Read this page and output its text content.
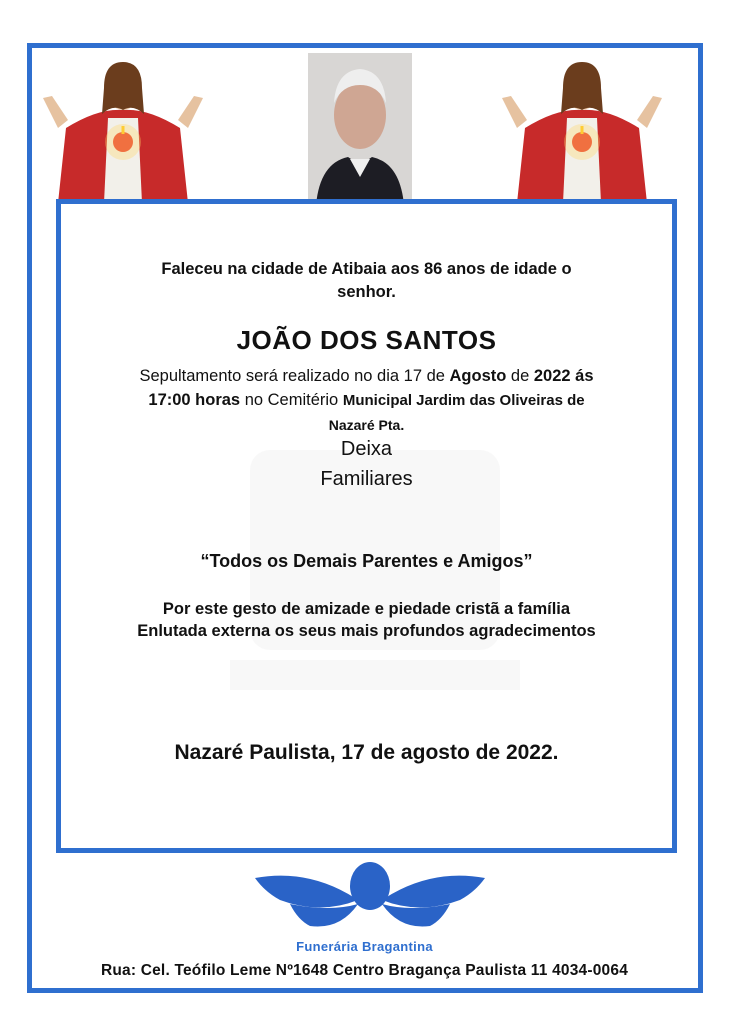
Faleceu na cidade de Atibaia aos 86 anos de idade o
senhor.
JOÃO DOS SANTOS
Sepultamento será realizado no dia 17 de Agosto de 2022 ás
17:00 horas no Cemitério Municipal Jardim das Oliveiras de
Nazaré Pta.
Deixa
Familiares
“Todos os Demais Parentes e Amigos”
Por este gesto de amizade e piedade cristã a família
Enlutada externa os seus mais profundos agradecimentos
Nazaré Paulista, 17 de agosto de 2022.
Funerária Bragantina
Rua: Cel. Teófilo Leme Nº1648 Centro Bragança Paulista 11 4034-0064
